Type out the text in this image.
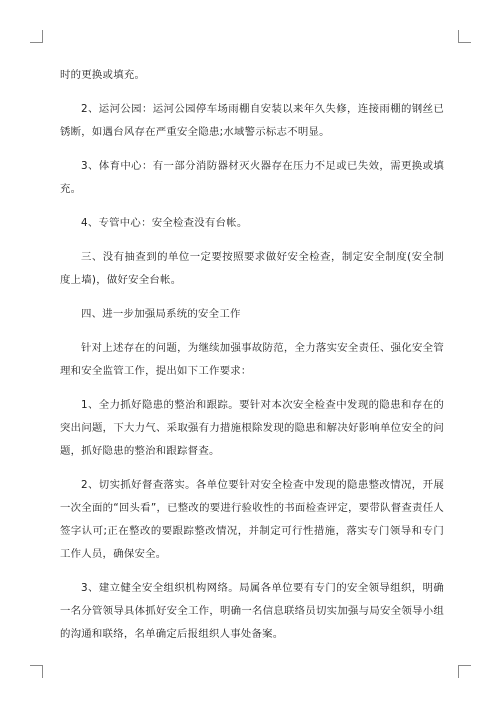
时的更换或填充。

2、运河公园：运河公园停车场雨棚自安装以来年久失修，连接雨棚的钢丝已锈断，如遇台风存在严重安全隐患;水域警示标志不明显。

3、体育中心：有一部分消防器材灭火器存在压力不足或已失效，需更换或填充。

4、专管中心：安全检查没有台帐。

三、没有抽查到的单位一定要按照要求做好安全检查，制定安全制度(安全制度上墙)，做好安全台帐。

四、进一步加强局系统的安全工作

针对上述存在的问题，为继续加强事故防范，全力落实安全责任、强化安全管理和安全监管工作，提出如下工作要求：

1、全力抓好隐患的整治和跟踪。要针对本次安全检查中发现的隐患和存在的突出问题，下大力气、采取强有力措施根除发现的隐患和解决好影响单位安全的问题，抓好隐患的整治和跟踪督查。

2、切实抓好督查落实。各单位要针对安全检查中发现的隐患整改情况，开展一次全面的“回头看”，已整改的要进行验收性的书面检查评定，要带队督查责任人签字认可;正在整改的要跟踪整改情况，并制定可行性措施，落实专门领导和专门工作人员，确保安全。

3、建立健全安全组织机构网络。局属各单位要有专门的安全领导组织，明确一名分管领导具体抓好安全工作，明确一名信息联络员切实加强与局安全领导小组的沟通和联络，名单确定后报组织人事处备案。
